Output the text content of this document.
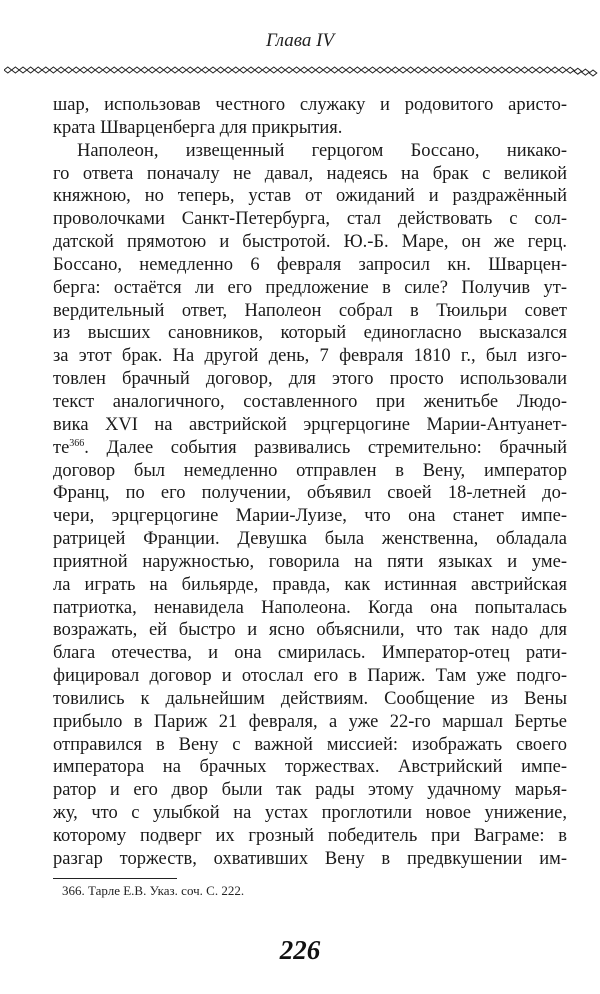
Глава IV
шар, использовав честного служаку и родовитого аристо-
крата Шварценберга для прикрытия.
Наполеон, извещенный герцогом Боссано, никако-
го ответа поначалу не давал, надеясь на брак с великой
княжною, но теперь, устав от ожиданий и раздражённый
проволочками Санкт-Петербурга, стал действовать с сол-
датской прямотою и быстротой. Ю.-Б. Маре, он же герц.
Боссано, немедленно 6 февраля запросил кн. Шварцен-
берга: остаётся ли его предложение в силе? Получив ут-
вердительный ответ, Наполеон собрал в Тюильри совет
из высших сановников, который единогласно высказался
за этот брак. На другой день, 7 февраля 1810 г., был изго-
товлен брачный договор, для этого просто использовали
текст аналогичного, составленного при женитьбе Людо-
вика XVI на австрийской эрцгерцогине Марии-Антуанет-
$те^{366}$. Далее события развивались стремительно: брачный
договор был немедленно отправлен в Вену, император
Франц, по его получении, объявил своей 18-летней до-
чери, эрцгерцогине Марии-Луизе, что она станет импе-
ратрицей Франции. Девушка была женственна, обладала
приятной наружностью, говорила на пяти языках и уме-
ла играть на бильярде, правда, как истинная австрийская
патриотка, ненавидела Наполеона. Когда она попыталась
возражать, ей быстро и ясно объяснили, что так надо для
блага отечества, и она смирилась. Император-отец рати-
фицировал договор и отослал его в Париж. Там уже подго-
товились к дальнейшим действиям. Сообщение из Вены
прибыло в Париж 21 февраля, а уже 22-го маршал Бертье
отправился в Вену с важной миссией: изображать своего
императора на брачных торжествах. Австрийский импе-
ратор и его двор были так рады этому удачному марья-
жу, что с улыбкой на устах проглотили новое унижение,
которому подверг их грозный победитель при Ваграме: в
разгар торжеств, охвативших Вену в предвкушении им-
366. Тарле Е.В. Указ. соч. С. 222.
226
